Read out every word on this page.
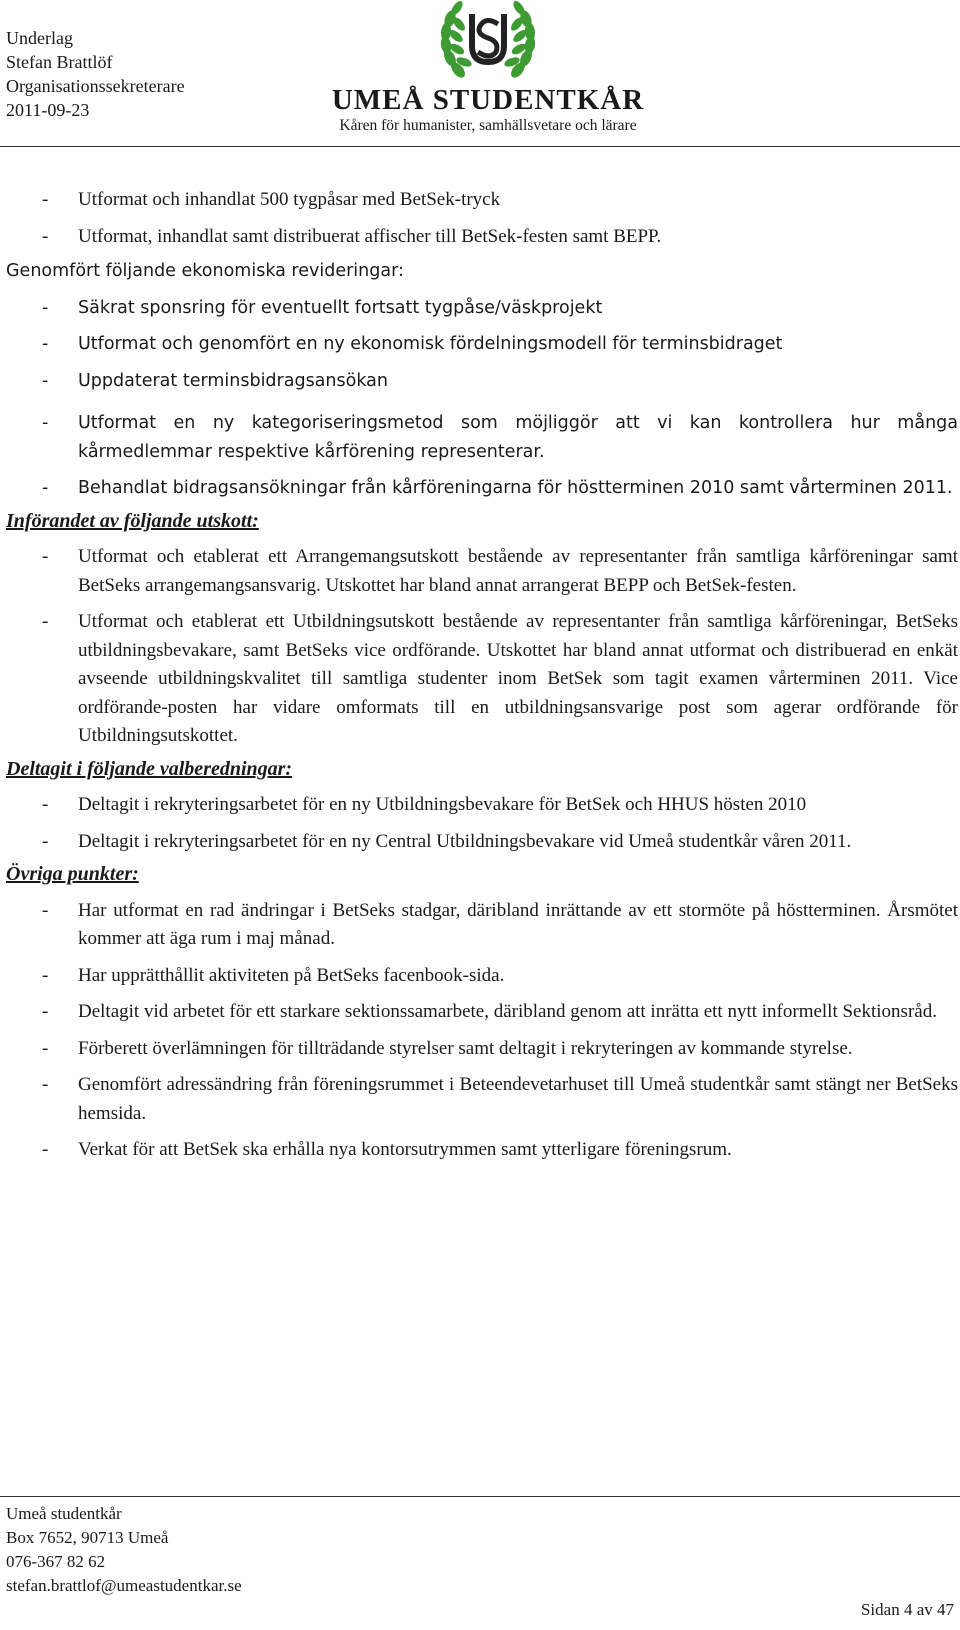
Underlag
Stefan Brattlöf
Organisationssekreterare
2011-09-23	UMEÅ STUDENTKÅR
Kåren för humanister, samhällsvetare och lärare
- Utformat och inhandlat 500 tygpåsar med BetSek-tryck
- Utformat, inhandlat samt distribuerat affischer till BetSek-festen samt BEPP.
Genomfört följande ekonomiska revideringar:
- Säkrat sponsring för eventuellt fortsatt tygpåse/väskprojekt
- Utformat och genomfört en ny ekonomisk fördelningsmodell för terminsbidraget
- Uppdaterat terminsbidragsansökan
- Utformat en ny kategoriseringsmetod som möjliggör att vi kan kontrollera hur många kårmedlemmar respektive kårförening representerar.
- Behandlat bidragsansökningar från kårföreningarna för höstterminen 2010 samt vårterminen 2011.
Införandet av följande utskott:
- Utformat och etablerat ett Arrangemangsutskott bestående av representanter från samtliga kårföreningar samt BetSeks arrangemangsansvarig. Utskottet har bland annat arrangerat BEPP och BetSek-festen.
- Utformat och etablerat ett Utbildningsutskott bestående av representanter från samtliga kårföreningar, BetSeks utbildningsbevakare, samt BetSeks vice ordförande. Utskottet har bland annat utformat och distribuerad en enkät avseende utbildningskvalitet till samtliga studenter inom BetSek som tagit examen vårterminen 2011. Vice ordförande-posten har vidare omformats till en utbildningsansvarige post som agerar ordförande för Utbildningsutskottet.
Deltagit i följande valberedningar:
- Deltagit i rekryteringsarbetet för en ny Utbildningsbevakare för BetSek och HHUS hösten 2010
- Deltagit i rekryteringsarbetet för en ny Central Utbildningsbevakare vid Umeå studentkår våren 2011.
Övriga punkter:
- Har utformat en rad ändringar i BetSeks stadgar, däribland inrättande av ett stormöte på höstterminen. Årsmötet kommer att äga rum i maj månad.
- Har upprätthållit aktiviteten på BetSeks facenbook-sida.
- Deltagit vid arbetet för ett starkare sektionssamarbete, däribland genom att inrätta ett nytt informellt Sektionsråd.
- Förberett överlämningen för tillträdande styrelser samt deltagit i rekryteringen av kommande styrelse.
- Genomfört adressändring från föreningsrummet i Beteendevetarhuset till Umeå studentkår samt stängt ner BetSeks hemsida.
- Verkat för att BetSek ska erhålla nya kontorsutrymmen samt ytterligare föreningsrum.
Umeå studentkår
Box 7652, 90713 Umeå
076-367 82 62
stefan.brattlof@umeastudentkar.se
Sidan 4 av 47
